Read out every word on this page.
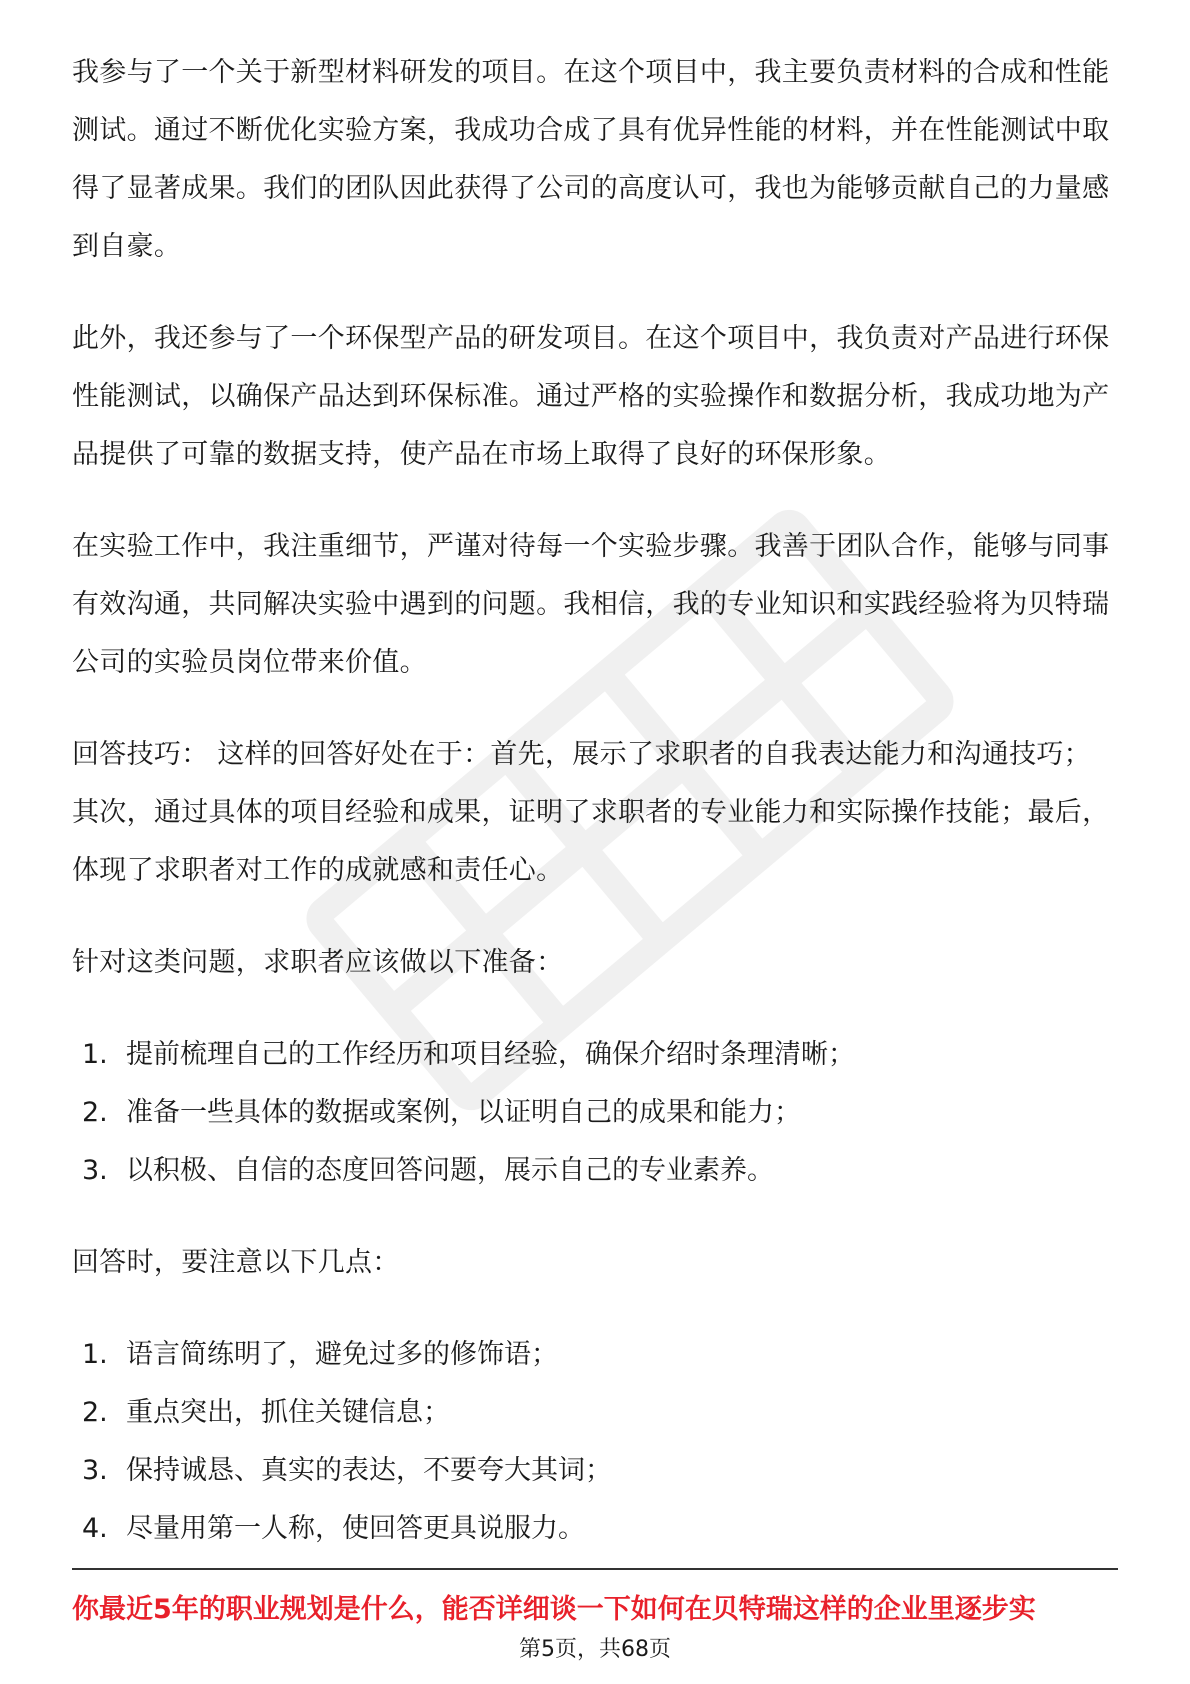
我参与了一个关于新型材料研发的项目。在这个项目中，我主要负责材料的合成和性能测试。通过不断优化实验方案，我成功合成了具有优异性能的材料，并在性能测试中取得了显著成果。我们的团队因此获得了公司的高度认可，我也为能够贡献自己的力量感到自豪。

此外，我还参与了一个环保型产品的研发项目。在这个项目中，我负责对产品进行环保性能测试，以确保产品达到环保标准。通过严格的实验操作和数据分析，我成功地为产品提供了可靠的数据支持，使产品在市场上取得了良好的环保形象。

在实验工作中，我注重细节，严谨对待每一个实验步骤。我善于团队合作，能够与同事有效沟通，共同解决实验中遇到的问题。我相信，我的专业知识和实践经验将为贝特瑞公司的实验员岗位带来价值。

回答技巧： 这样的回答好处在于：首先，展示了求职者的自我表达能力和沟通技巧；其次，通过具体的项目经验和成果，证明了求职者的专业能力和实际操作技能；最后，体现了求职者对工作的成就感和责任心。

针对这类问题，求职者应该做以下准备：

1. 提前梳理自己的工作经历和项目经验，确保介绍时条理清晰；
2. 准备一些具体的数据或案例，以证明自己的成果和能力；
3. 以积极、自信的态度回答问题，展示自己的专业素养。

回答时，要注意以下几点：

1. 语言简练明了，避免过多的修饰语；
2. 重点突出，抓住关键信息；
3. 保持诚恳、真实的表达，不要夸大其词；
4. 尽量用第一人称，使回答更具说服力。
你最近5年的职业规划是什么，能否详细谈一下如何在贝特瑞这样的企业里逐步实
第5页，共68页
